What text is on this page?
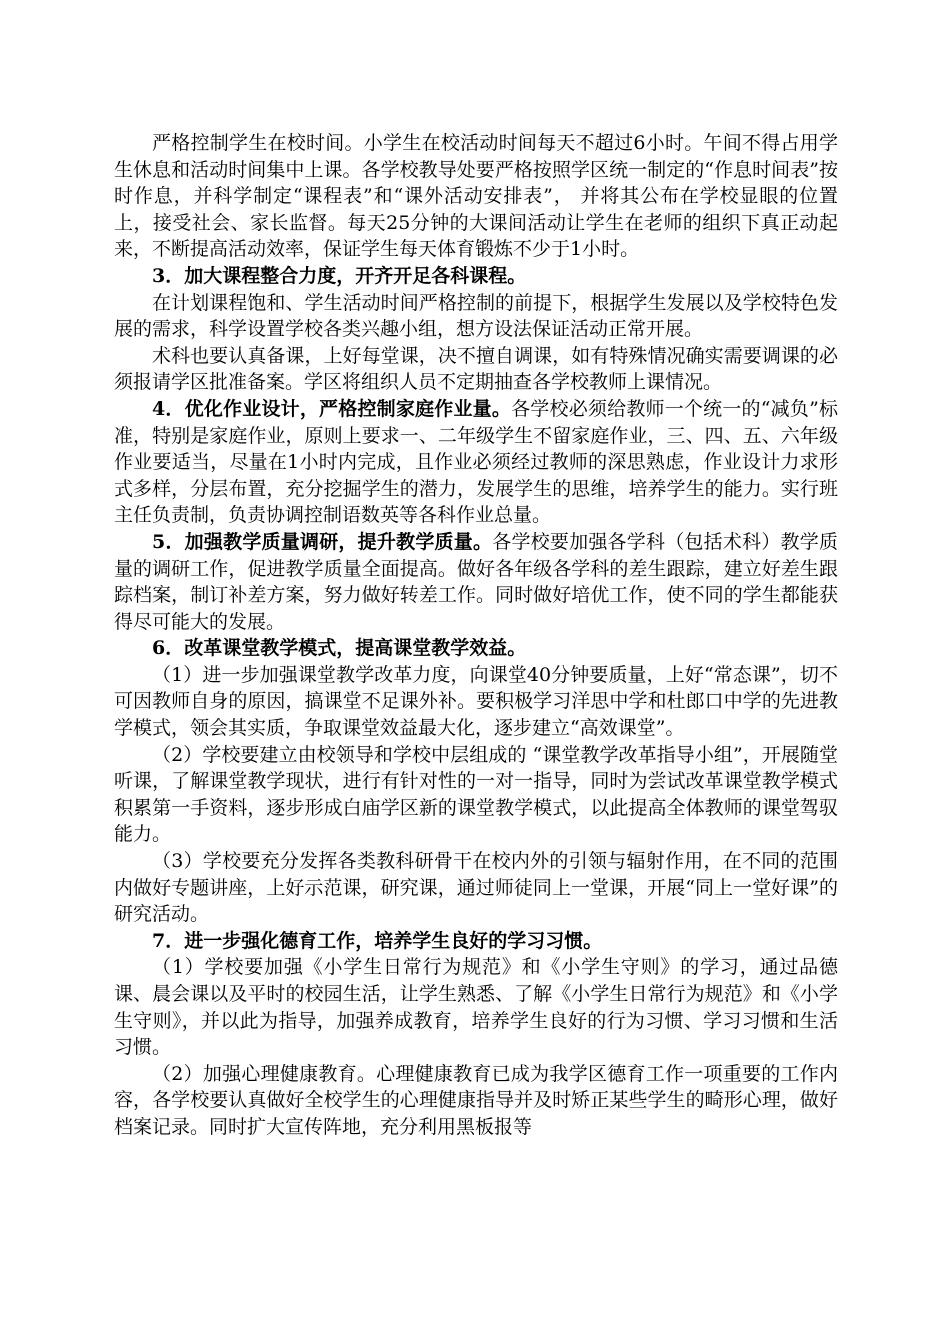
严格控制学生在校时间。小学生在校活动时间每天不超过6小时。午间不得占用学生休息和活动时间集中上课。各学校教导处要严格按照学区统一制定的“作息时间表”按时作息，并科学制定“课程表”和“课外活动安排表”， 并将其公布在学校显眼的位置上，接受社会、家长监督。每天25分钟的大课间活动让学生在老师的组织下真正动起来，不断提高活动效率，保证学生每天体育锻炼不少于1小时。

3．加大课程整合力度，开齐开足各科课程。

在计划课程饱和、学生活动时间严格控制的前提下，根据学生发展以及学校特色发展的需求，科学设置学校各类兴趣小组，想方设法保证活动正常开展。

术科也要认真备课，上好每堂课，决不擅自调课，如有特殊情况确实需要调课的必须报请学区批准备案。学区将组织人员不定期抽查各学校教师上课情况。

4．优化作业设计，严格控制家庭作业量。各学校必须给教师一个统一的“减负”标准，特别是家庭作业，原则上要求一、二年级学生不留家庭作业，三、四、五、六年级作业要适当，尽量在1小时内完成，且作业必须经过教师的深思熟虑，作业设计力求形式多样，分层布置，充分挖掘学生的潜力，发展学生的思维，培养学生的能力。实行班主任负责制，负责协调控制语数英等各科作业总量。

5．加强教学质量调研，提升教学质量。各学校要加强各学科（包括术科）教学质量的调研工作，促进教学质量全面提高。做好各年级各学科的差生跟踪，建立好差生跟踪档案，制订补差方案，努力做好转差工作。同时做好培优工作，使不同的学生都能获得尽可能大的发展。

6．改革课堂教学模式，提高课堂教学效益。

（1）进一步加强课堂教学改革力度，向课堂40分钟要质量，上好“常态课”，切不可因教师自身的原因，搞课堂不足课外补。要积极学习洋思中学和杜郎口中学的先进教学模式，领会其实质，争取课堂效益最大化，逐步建立“高效课堂”。

（2）学校要建立由校领导和学校中层组成的 “课堂教学改革指导小组”，开展随堂听课，了解课堂教学现状，进行有针对性的一对一指导，同时为尝试改革课堂教学模式积累第一手资料，逐步形成白庙学区新的课堂教学模式，以此提高全体教师的课堂驾驭能力。

（3）学校要充分发挥各类教科研骨干在校内外的引领与辐射作用，在不同的范围内做好专题讲座，上好示范课，研究课，通过师徒同上一堂课，开展“同上一堂好课”的研究活动。

7．进一步强化德育工作，培养学生良好的学习习惯。

（1）学校要加强《小学生日常行为规范》和《小学生守则》的学习，通过品德课、晨会课以及平时的校园生活，让学生熟悉、了解《小学生日常行为规范》和《小学生守则》，并以此为指导，加强养成教育，培养学生良好的行为习惯、学习习惯和生活习惯。

（2）加强心理健康教育。心理健康教育已成为我学区德育工作一项重要的工作内容，各学校要认真做好全校学生的心理健康指导并及时矫正某些学生的畸形心理，做好档案记录。同时扩大宣传阵地，充分利用黑板报等
